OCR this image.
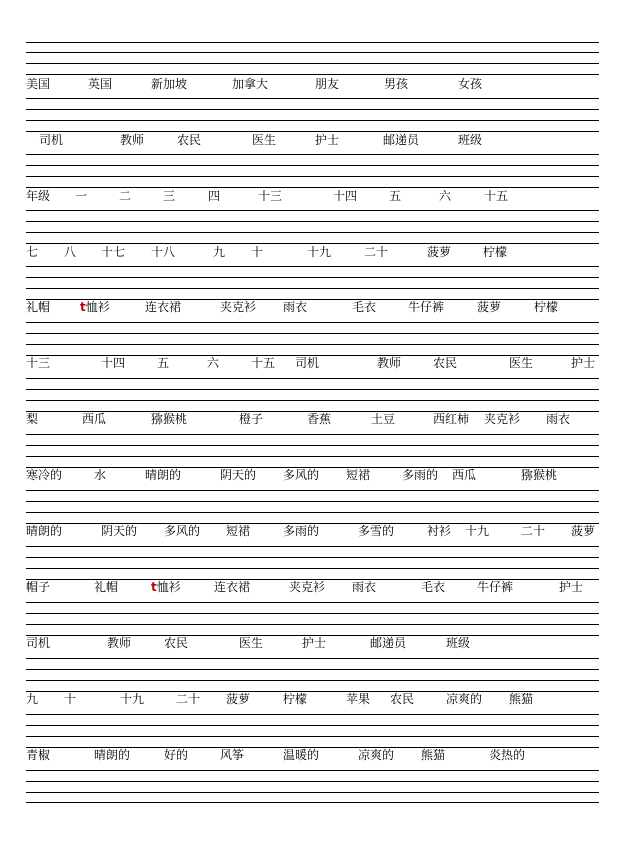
美国	英国	新加坡	加拿大	朋友	男孩	女孩
司机	教师	农民	医生	护士	邮递员	班级
年级 一	二	三	四	十三	十四	五	六	十五
七 八 十七 十八	九 十	十九	二十	菠萝	柠檬
礼帽 t恤衫	连衣裙	夹克衫 雨衣	毛衣	牛仔裤	菠萝	柠檬
十三	十四	五	六	十五 司机	教师	农民	医生	护士
梨	西瓜	猕猴桃	橙子	香蕉	土豆	西红柿 夹克衫 雨衣
寒冷的	水	晴朗的	阴天的 多风的 短裙	多雨的 西瓜	猕猴桃
晴朗的	阴天的 多风的 短裙	多雨的	多雪的	衬衫 十九	二十 菠萝
帽子	礼帽	t恤衫	连衣裙	夹克衫 雨衣	毛衣	牛仔裤	护士
司机	教师	农民	医生	护士	邮递员	班级
九 十	十九	二十 菠萝	柠檬	苹果 农民	凉爽的 熊猫
青椒	晴朗的	好的	风筝	温暖的	凉爽的 熊猫	炎热的
